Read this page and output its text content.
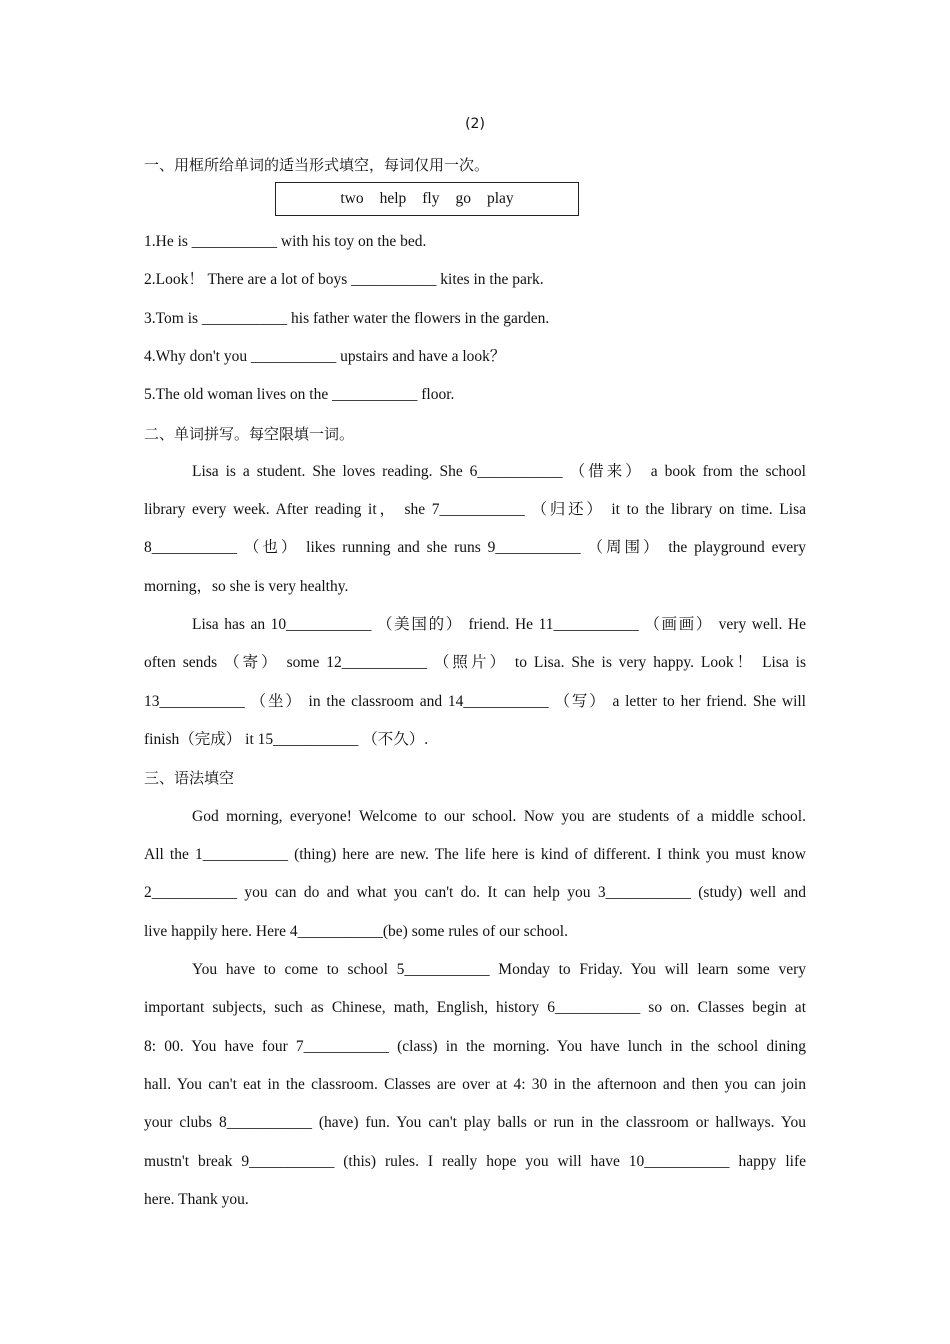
(2)
一、用框所给单词的适当形式填空，每词仅用一次。
two help fly go play
1.He is ___________ with his toy on the bed.
2.Look！ There are a lot of boys ___________ kites in the park.
3.Tom is ___________ his father water the flowers in the garden.
4.Why don't you ___________ upstairs and have a look？
5.The old woman lives on the ___________ floor.
二、单词拼写。每空限填一词。
Lisa is a student. She loves reading. She 6___________ （借来） a book from the school
library every week. After reading it， she 7___________ （归还） it to the library on time. Lisa
8___________ （也） likes running and she runs 9___________ （周围） the playground every
morning，so she is very healthy.
Lisa has an 10___________ （美国的） friend. He 11___________ （画画） very well. He
often sends （寄） some 12___________ （照片） to Lisa. She is very happy. Look！ Lisa is
13___________ （坐） in the classroom and 14___________ （写） a letter to her friend. She will
finish（完成） it 15___________ （不久）.
三、语法填空
God morning, everyone! Welcome to our school. Now you are students of a middle school.
All the 1___________ (thing) here are new. The life here is kind of different. I think you must know
2___________ you can do and what you can't do. It can help you 3___________ (study) well and
live happily here. Here 4___________(be) some rules of our school.
You have to come to school 5___________ Monday to Friday. You will learn some very
important subjects, such as Chinese, math, English, history 6___________ so on. Classes begin at
8: 00. You have four 7___________ (class) in the morning. You have lunch in the school dining
hall. You can't eat in the classroom. Classes are over at 4: 30 in the afternoon and then you can join
your clubs 8___________ (have) fun. You can't play balls or run in the classroom or hallways. You
mustn't break 9___________ (this) rules. I really hope you will have 10___________ happy life
here. Thank you.
